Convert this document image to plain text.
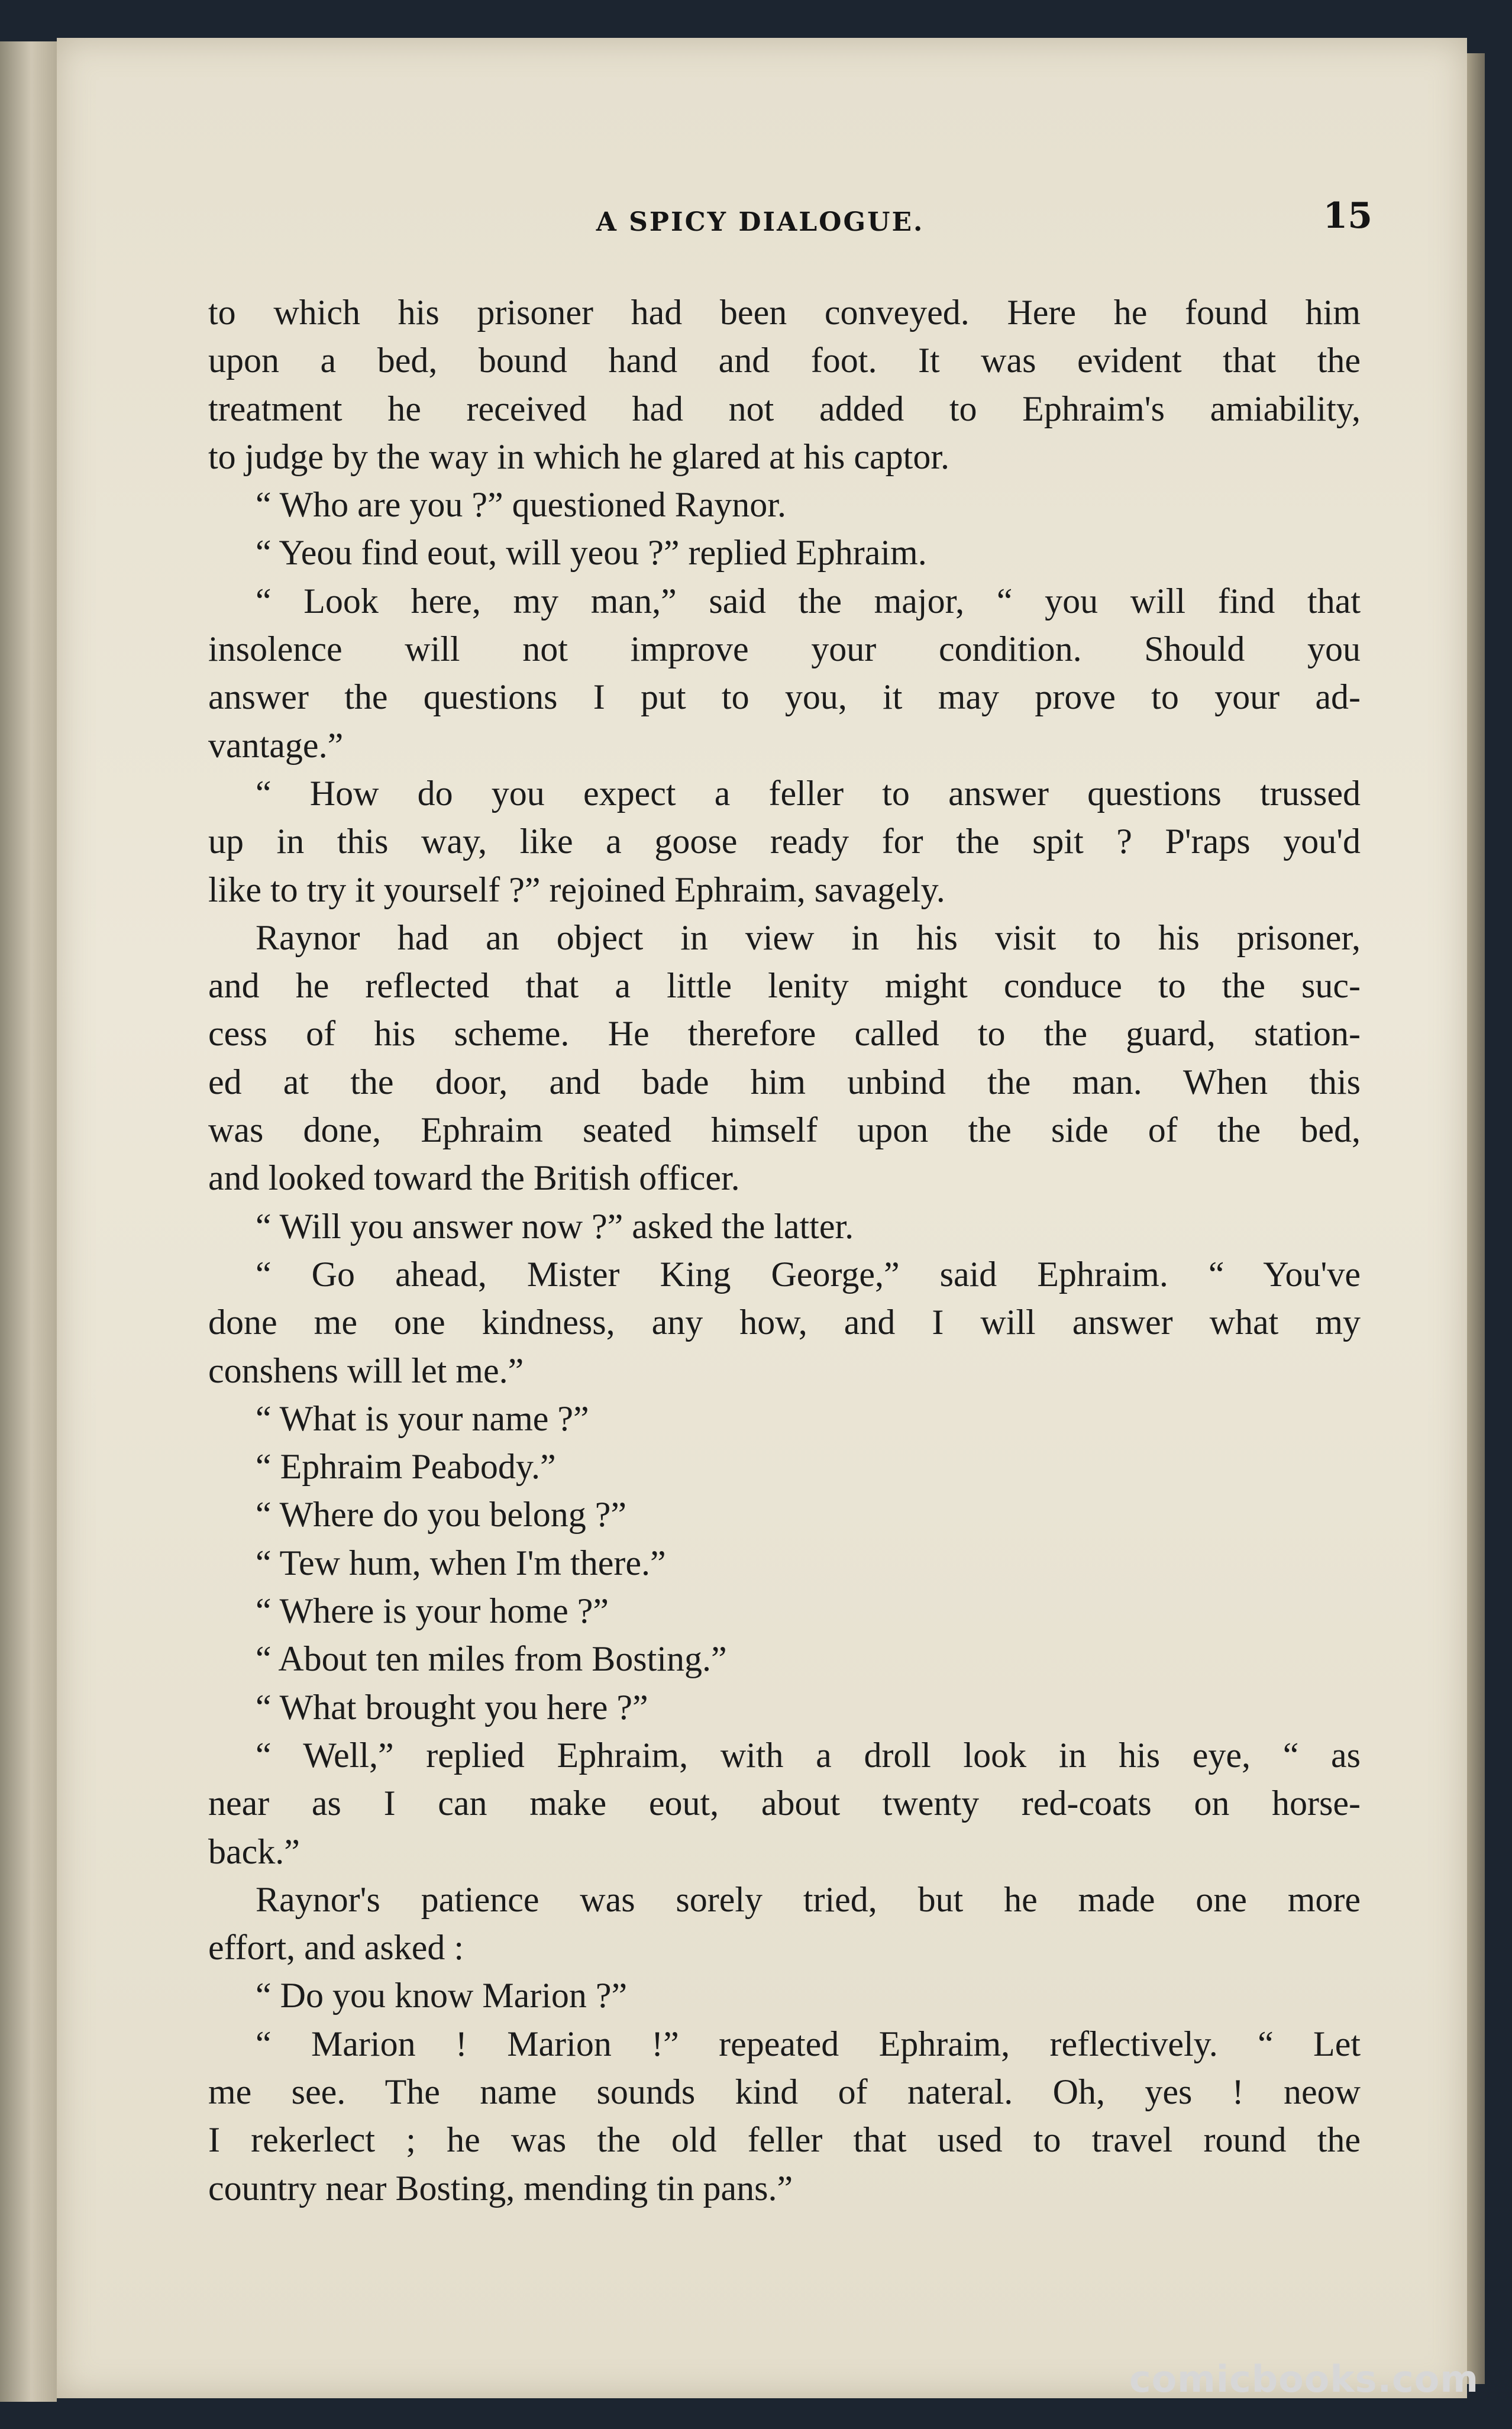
A SPICY DIALOGUE.	15
to which his prisoner had been conveyed. Here he found him
upon a bed, bound hand and foot. It was evident that the
treatment he received had not added to Ephraim's amiability,
to judge by the way in which he glared at his captor.
“ Who are you ?” questioned Raynor.
“ Yeou find eout, will yeou ?” replied Ephraim.
“ Look here, my man,” said the major, “ you will find that
insolence will not improve your condition. Should you
answer the questions I put to you, it may prove to your ad-
vantage.”
“ How do you expect a feller to answer questions trussed
up in this way, like a goose ready for the spit ? P'raps you'd
like to try it yourself ?” rejoined Ephraim, savagely.
Raynor had an object in view in his visit to his prisoner,
and he reflected that a little lenity might conduce to the suc-
cess of his scheme. He therefore called to the guard, station-
ed at the door, and bade him unbind the man. When this
was done, Ephraim seated himself upon the side of the bed,
and looked toward the British officer.
“ Will you answer now ?” asked the latter.
“ Go ahead, Mister King George,” said Ephraim. “ You've
done me one kindness, any how, and I will answer what my
conshens will let me.”
“ What is your name ?”
“ Ephraim Peabody.”
“ Where do you belong ?”
“ Tew hum, when I'm there.”
“ Where is your home ?”
“ About ten miles from Bosting.”
“ What brought you here ?”
“ Well,” replied Ephraim, with a droll look in his eye, “ as
near as I can make eout, about twenty red-coats on horse-
back.”
Raynor's patience was sorely tried, but he made one more
effort, and asked :
“ Do you know Marion ?”
“ Marion ! Marion !” repeated Ephraim, reflectively. “ Let
me see. The name sounds kind of nateral. Oh, yes ! neow
I rekerlect ; he was the old feller that used to travel round the
country near Bosting, mending tin pans.”
comicbooks.com
